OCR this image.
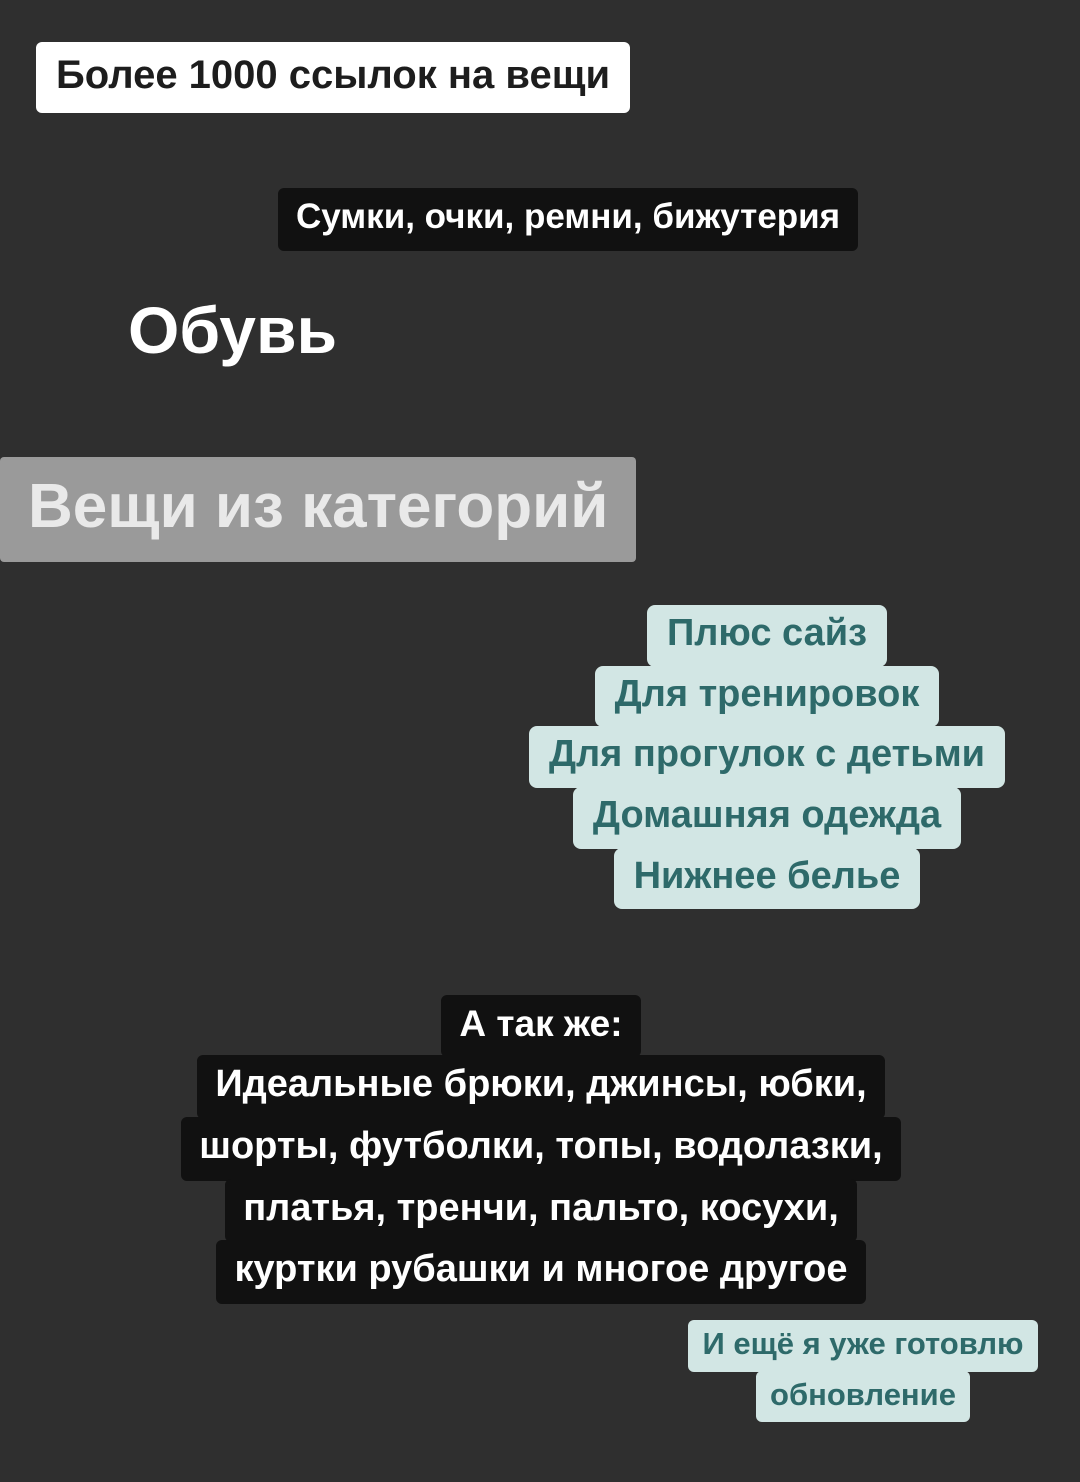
Более 1000 ссылок на вещи
Сумки, очки, ремни, бижутерия
Обувь
Вещи из категорий
Плюс сайз
Для тренировок
Для прогулок с детьми
Домашняя одежда
Нижнее белье
А так же:
Идеальные брюки, джинсы, юбки,
шорты, футболки, топы, водолазки,
платья, тренчи, пальто, косухи,
куртки рубашки и многое другое
И ещё я уже готовлю
обновление
